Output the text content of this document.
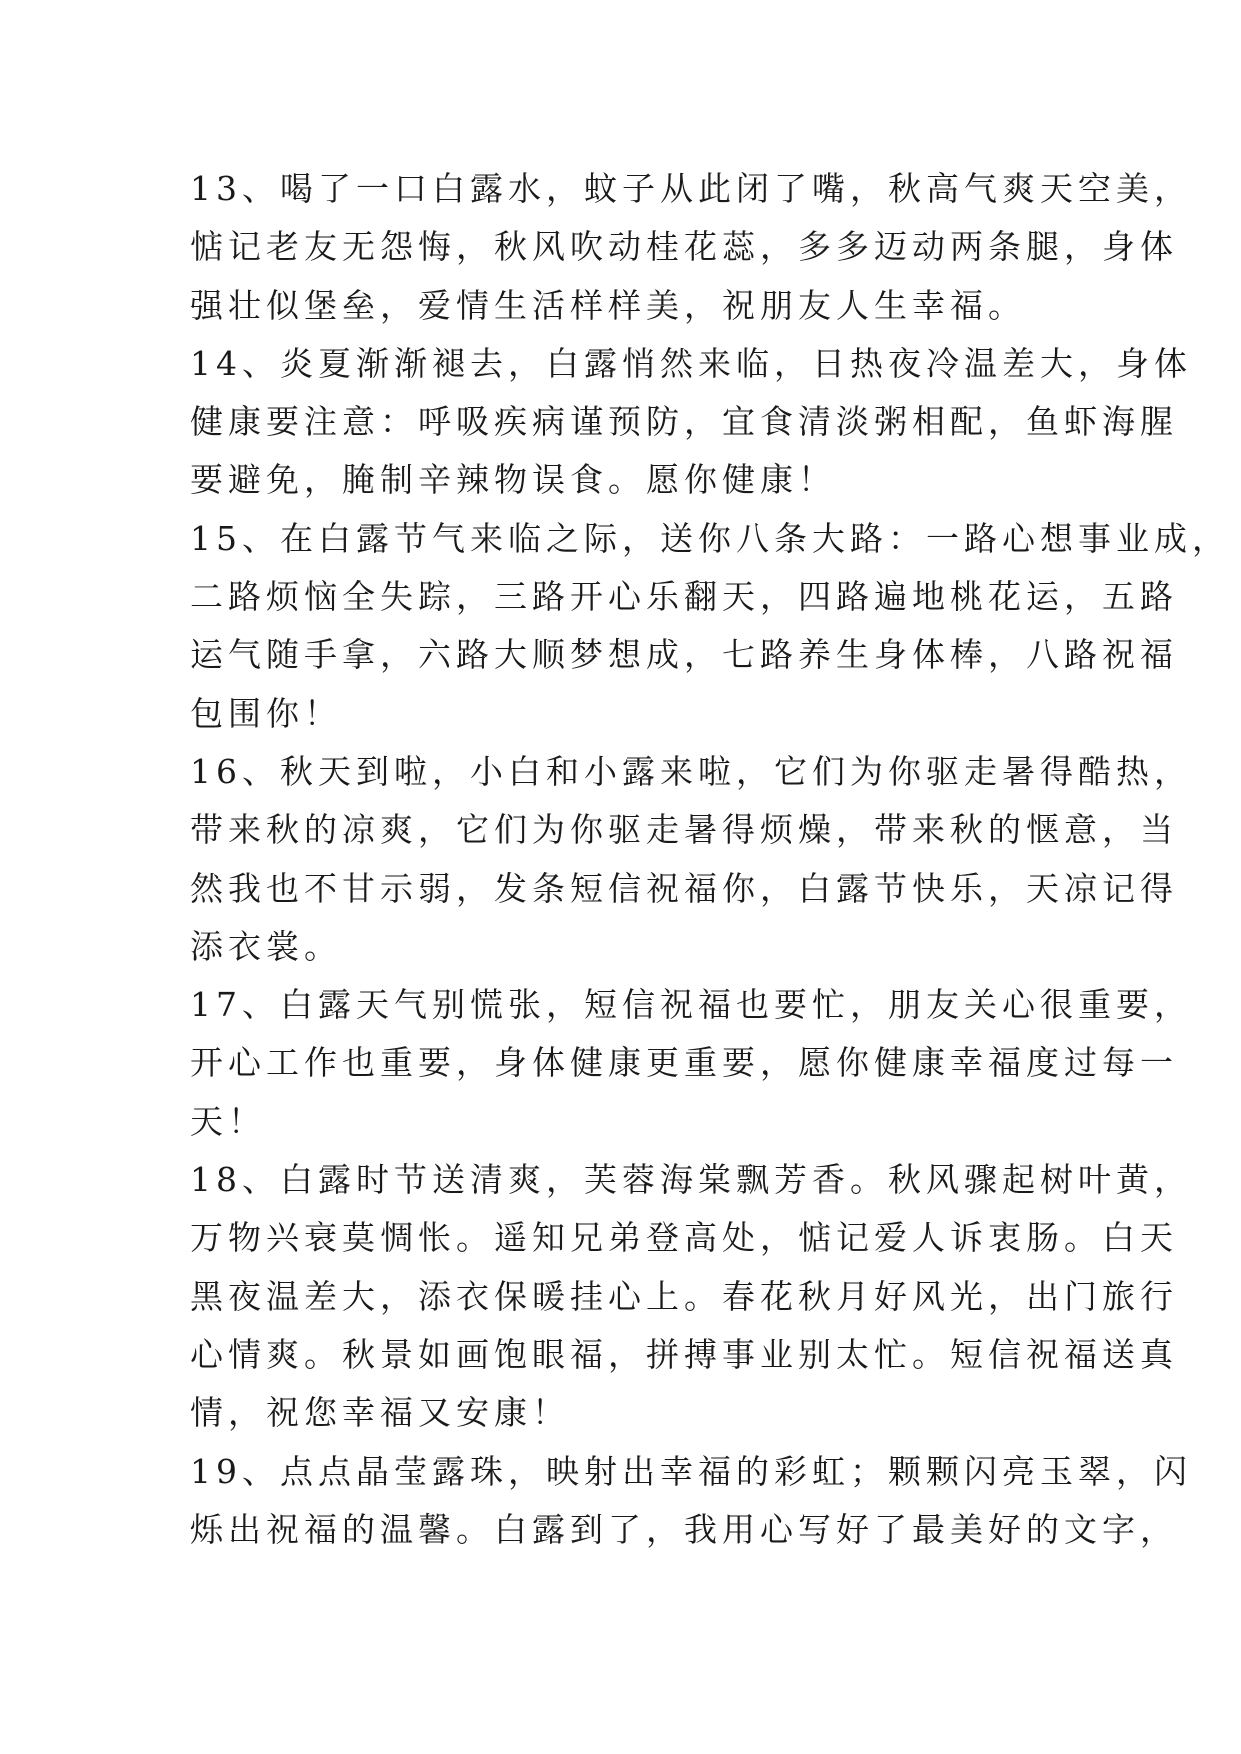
13、喝了一口白露水，蚊子从此闭了嘴，秋高气爽天空美，
惦记老友无怨悔，秋风吹动桂花蕊，多多迈动两条腿，身体
强壮似堡垒，爱情生活样样美，祝朋友人生幸福。
14、炎夏渐渐褪去，白露悄然来临，日热夜冷温差大，身体
健康要注意：呼吸疾病谨预防，宜食清淡粥相配，鱼虾海腥
要避免，腌制辛辣物误食。愿你健康！
15、在白露节气来临之际，送你八条大路：一路心想事业成，
二路烦恼全失踪，三路开心乐翻天，四路遍地桃花运，五路
运气随手拿，六路大顺梦想成，七路养生身体棒，八路祝福
包围你！
16、秋天到啦，小白和小露来啦，它们为你驱走暑得酷热，
带来秋的凉爽，它们为你驱走暑得烦燥，带来秋的惬意，当
然我也不甘示弱，发条短信祝福你，白露节快乐，天凉记得
添衣裳。
17、白露天气别慌张，短信祝福也要忙，朋友关心很重要，
开心工作也重要，身体健康更重要，愿你健康幸福度过每一
天！
18、白露时节送清爽，芙蓉海棠飘芳香。秋风骤起树叶黄，
万物兴衰莫惆怅。遥知兄弟登高处，惦记爱人诉衷肠。白天
黑夜温差大，添衣保暖挂心上。春花秋月好风光，出门旅行
心情爽。秋景如画饱眼福，拼搏事业别太忙。短信祝福送真
情，祝您幸福又安康！
19、点点晶莹露珠，映射出幸福的彩虹；颗颗闪亮玉翠，闪
烁出祝福的温馨。白露到了，我用心写好了最美好的文字，
